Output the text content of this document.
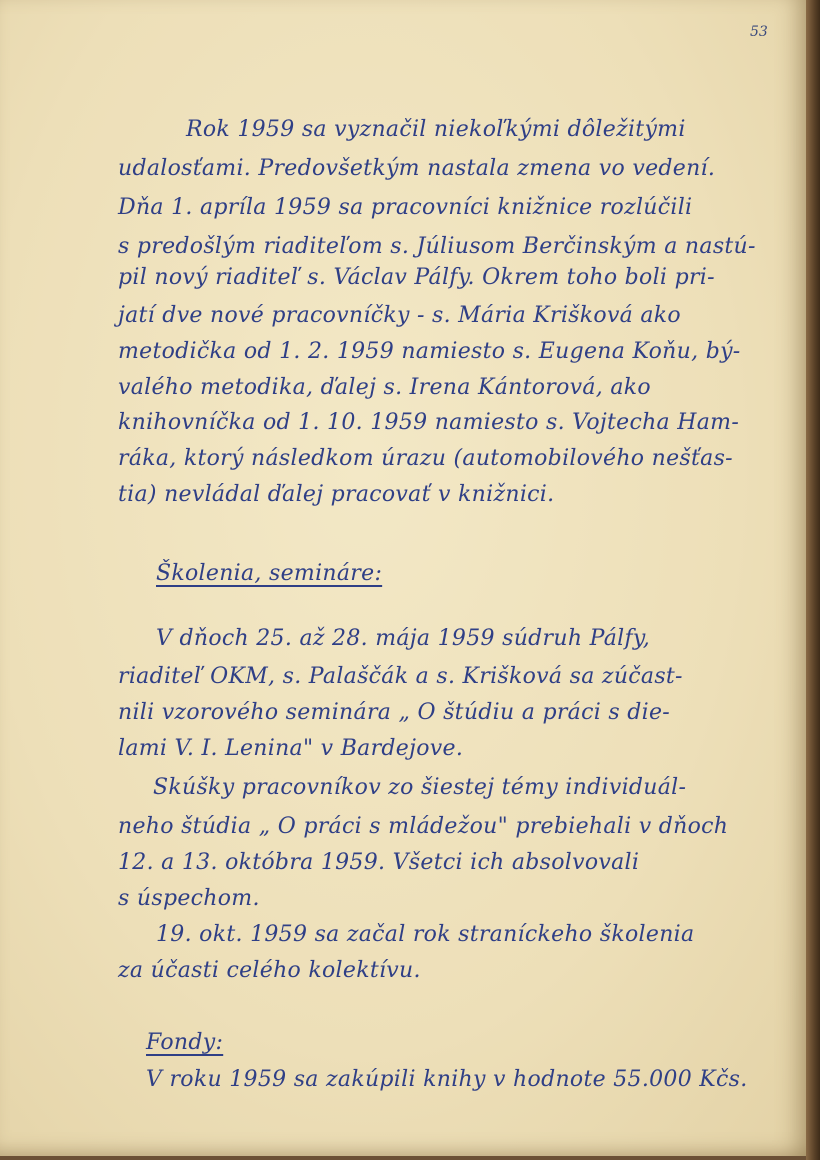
53
Rok 1959 sa vyznačil niekoľkými dôležitými
udalosťami. Predovšetkým nastala zmena vo vedení.
Dňa 1. apríla 1959 sa pracovníci knižnice rozlúčili
s predošlým riaditeľom s. Júliusom Berčinským a nastú-
pil nový riaditeľ s. Václav Pálfy. Okrem toho boli pri-
jatí dve nové pracovníčky - s. Mária Krišková ako
metodička od 1. 2. 1959 namiesto s. Eugena Koňu, bý-
valého metodika, ďalej s. Irena Kántorová, ako
knihovníčka od 1. 10. 1959 namiesto s. Vojtecha Ham-
ráka, ktorý následkom úrazu (automobilového nešťas-
tia) nevládal ďalej pracovať v knižnici.
Školenia, semináre:
V dňoch 25. až 28. mája 1959 súdruh Pálfy,
riaditeľ OKM, s. Palaščák a s. Krišková sa zúčast-
nili vzorového seminára „ O štúdiu a práci s die-
lami V. I. Lenina" v Bardejove.
Skúšky pracovníkov zo šiestej témy individuál-
neho štúdia „ O práci s mládežou" prebiehali v dňoch
12. a 13. októbra 1959. Všetci ich absolvovali
s úspechom.
19. okt. 1959 sa začal rok straníckeho školenia
za účasti celého kolektívu.
Fondy:
V roku 1959 sa zakúpili knihy v hodnote 55.000 Kčs.
